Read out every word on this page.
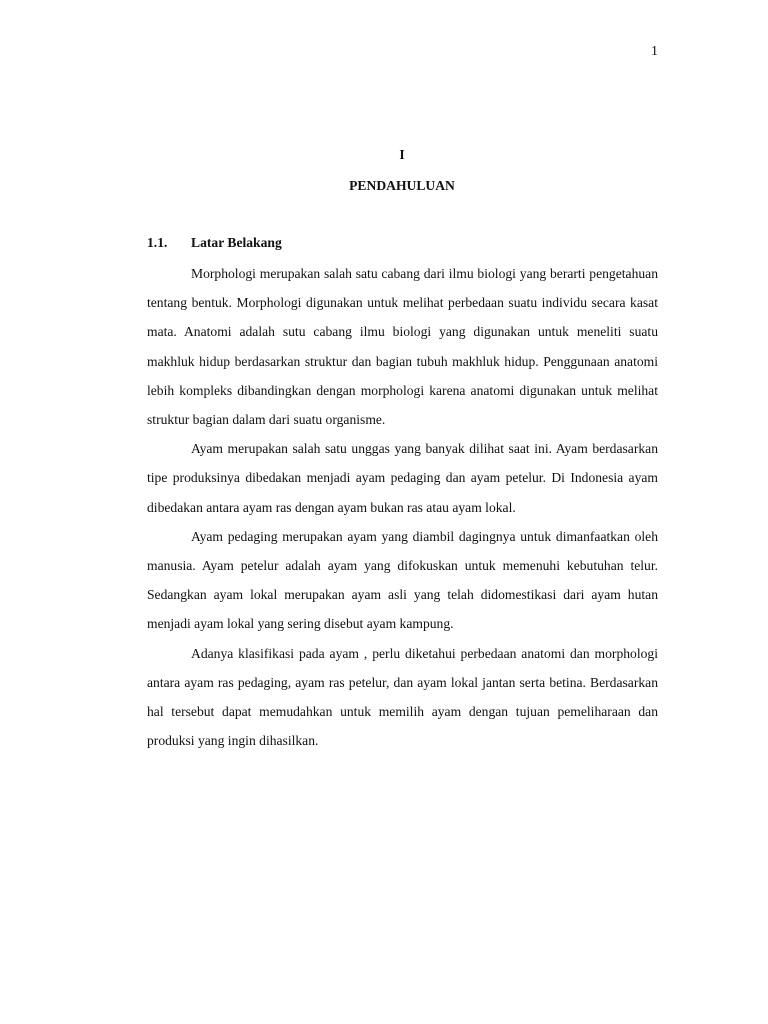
1
I
PENDAHULUAN
1.1. Latar Belakang

Morphologi merupakan salah satu cabang dari ilmu biologi yang berarti pengetahuan tentang bentuk. Morphologi digunakan untuk melihat perbedaan suatu individu secara kasat mata. Anatomi adalah sutu cabang ilmu biologi yang digunakan untuk meneliti suatu makhluk hidup berdasarkan struktur dan bagian tubuh makhluk hidup. Penggunaan anatomi lebih kompleks dibandingkan dengan morphologi karena anatomi digunakan untuk melihat struktur bagian dalam dari suatu organisme.

Ayam merupakan salah satu unggas yang banyak dilihat saat ini. Ayam berdasarkan tipe produksinya dibedakan menjadi ayam pedaging dan ayam petelur. Di Indonesia ayam dibedakan antara ayam ras dengan ayam bukan ras atau ayam lokal.

Ayam pedaging merupakan ayam yang diambil dagingnya untuk dimanfaatkan oleh manusia. Ayam petelur adalah ayam yang difokuskan untuk memenuhi kebutuhan telur. Sedangkan ayam lokal merupakan ayam asli yang telah didomestikasi dari ayam hutan menjadi ayam lokal yang sering disebut ayam kampung.

Adanya klasifikasi pada ayam , perlu diketahui perbedaan anatomi dan morphologi antara ayam ras pedaging, ayam ras petelur, dan ayam lokal jantan serta betina. Berdasarkan hal tersebut dapat memudahkan untuk memilih ayam dengan tujuan pemeliharaan dan produksi yang ingin dihasilkan.
